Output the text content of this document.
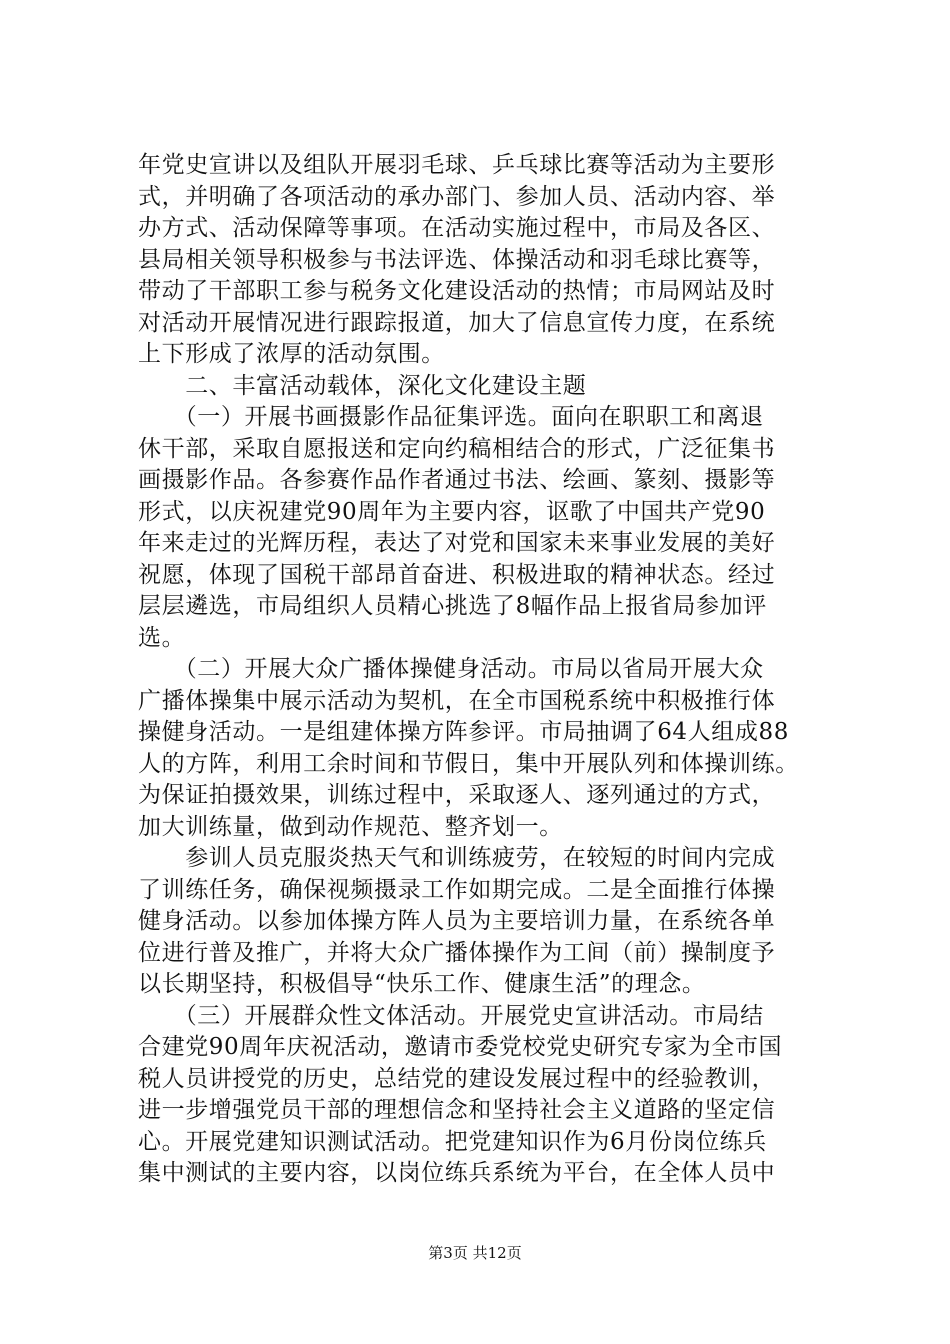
年党史宣讲以及组队开展羽毛球、乒乓球比赛等活动为主要形
式，并明确了各项活动的承办部门、参加人员、活动内容、举
办方式、活动保障等事项。在活动实施过程中，市局及各区、
县局相关领导积极参与书法评选、体操活动和羽毛球比赛等，
带动了干部职工参与税务文化建设活动的热情；市局网站及时
对活动开展情况进行跟踪报道，加大了信息宣传力度，在系统
上下形成了浓厚的活动氛围。
　　二、丰富活动载体，深化文化建设主题
　　（一）开展书画摄影作品征集评选。面向在职职工和离退
休干部，采取自愿报送和定向约稿相结合的形式，广泛征集书
画摄影作品。各参赛作品作者通过书法、绘画、篆刻、摄影等
形式，以庆祝建党90周年为主要内容，讴歌了中国共产党90
年来走过的光辉历程，表达了对党和国家未来事业发展的美好
祝愿，体现了国税干部昂首奋进、积极进取的精神状态。经过
层层遴选，市局组织人员精心挑选了8幅作品上报省局参加评
选。
　　（二）开展大众广播体操健身活动。市局以省局开展大众
广播体操集中展示活动为契机，在全市国税系统中积极推行体
操健身活动。一是组建体操方阵参评。市局抽调了64人组成88
人的方阵，利用工余时间和节假日，集中开展队列和体操训练。
为保证拍摄效果，训练过程中，采取逐人、逐列通过的方式，
加大训练量，做到动作规范、整齐划一。
　　参训人员克服炎热天气和训练疲劳，在较短的时间内完成
了训练任务，确保视频摄录工作如期完成。二是全面推行体操
健身活动。以参加体操方阵人员为主要培训力量，在系统各单
位进行普及推广，并将大众广播体操作为工间（前）操制度予
以长期坚持，积极倡导“快乐工作、健康生活”的理念。
　　（三）开展群众性文体活动。开展党史宣讲活动。市局结
合建党90周年庆祝活动，邀请市委党校党史研究专家为全市国
税人员讲授党的历史，总结党的建设发展过程中的经验教训，
进一步增强党员干部的理想信念和坚持社会主义道路的坚定信
心。开展党建知识测试活动。把党建知识作为6月份岗位练兵
集中测试的主要内容，以岗位练兵系统为平台，在全体人员中
第3页 共12页
